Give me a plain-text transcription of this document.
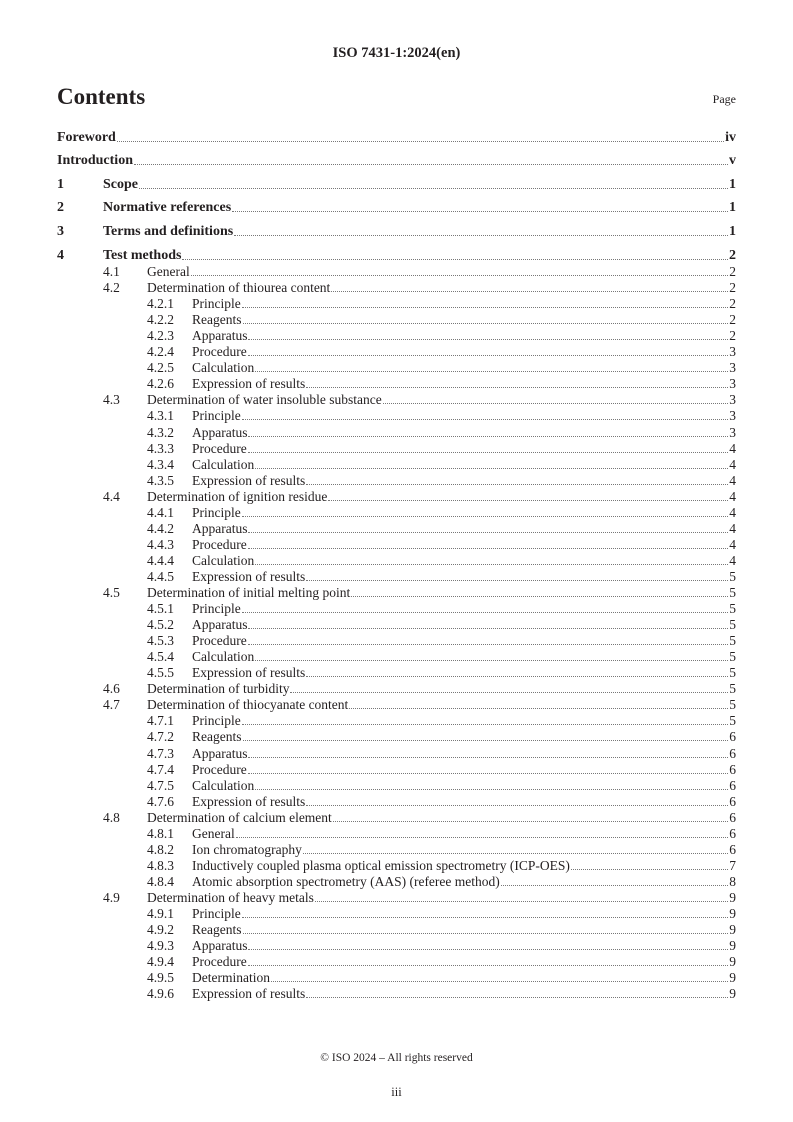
ISO 7431-1:2024(en)
Contents	Page
Foreword	iv
Introduction	v
1	Scope	1
2	Normative references	1
3	Terms and definitions	1
4	Test methods	2
4.1 General	2
4.2 Determination of thiourea content	2
4.2.1 Principle	2
4.2.2 Reagents	2
4.2.3 Apparatus	2
4.2.4 Procedure	3
4.2.5 Calculation	3
4.2.6 Expression of results	3
4.3 Determination of water insoluble substance	3
4.3.1 Principle	3
4.3.2 Apparatus	3
4.3.3 Procedure	4
4.3.4 Calculation	4
4.3.5 Expression of results	4
4.4 Determination of ignition residue	4
4.4.1 Principle	4
4.4.2 Apparatus	4
4.4.3 Procedure	4
4.4.4 Calculation	4
4.4.5 Expression of results	5
4.5 Determination of initial melting point	5
4.5.1 Principle	5
4.5.2 Apparatus	5
4.5.3 Procedure	5
4.5.4 Calculation	5
4.5.5 Expression of results	5
4.6 Determination of turbidity	5
4.7 Determination of thiocyanate content	5
4.7.1 Principle	5
4.7.2 Reagents	6
4.7.3 Apparatus	6
4.7.4 Procedure	6
4.7.5 Calculation	6
4.7.6 Expression of results	6
4.8 Determination of calcium element	6
4.8.1 General	6
4.8.2 Ion chromatography	6
4.8.3 Inductively coupled plasma optical emission spectrometry (ICP-OES)	7
4.8.4 Atomic absorption spectrometry (AAS) (referee method)	8
4.9 Determination of heavy metals	9
4.9.1 Principle	9
4.9.2 Reagents	9
4.9.3 Apparatus	9
4.9.4 Procedure	9
4.9.5 Determination	9
4.9.6 Expression of results	9
© ISO 2024 – All rights reserved
iii
